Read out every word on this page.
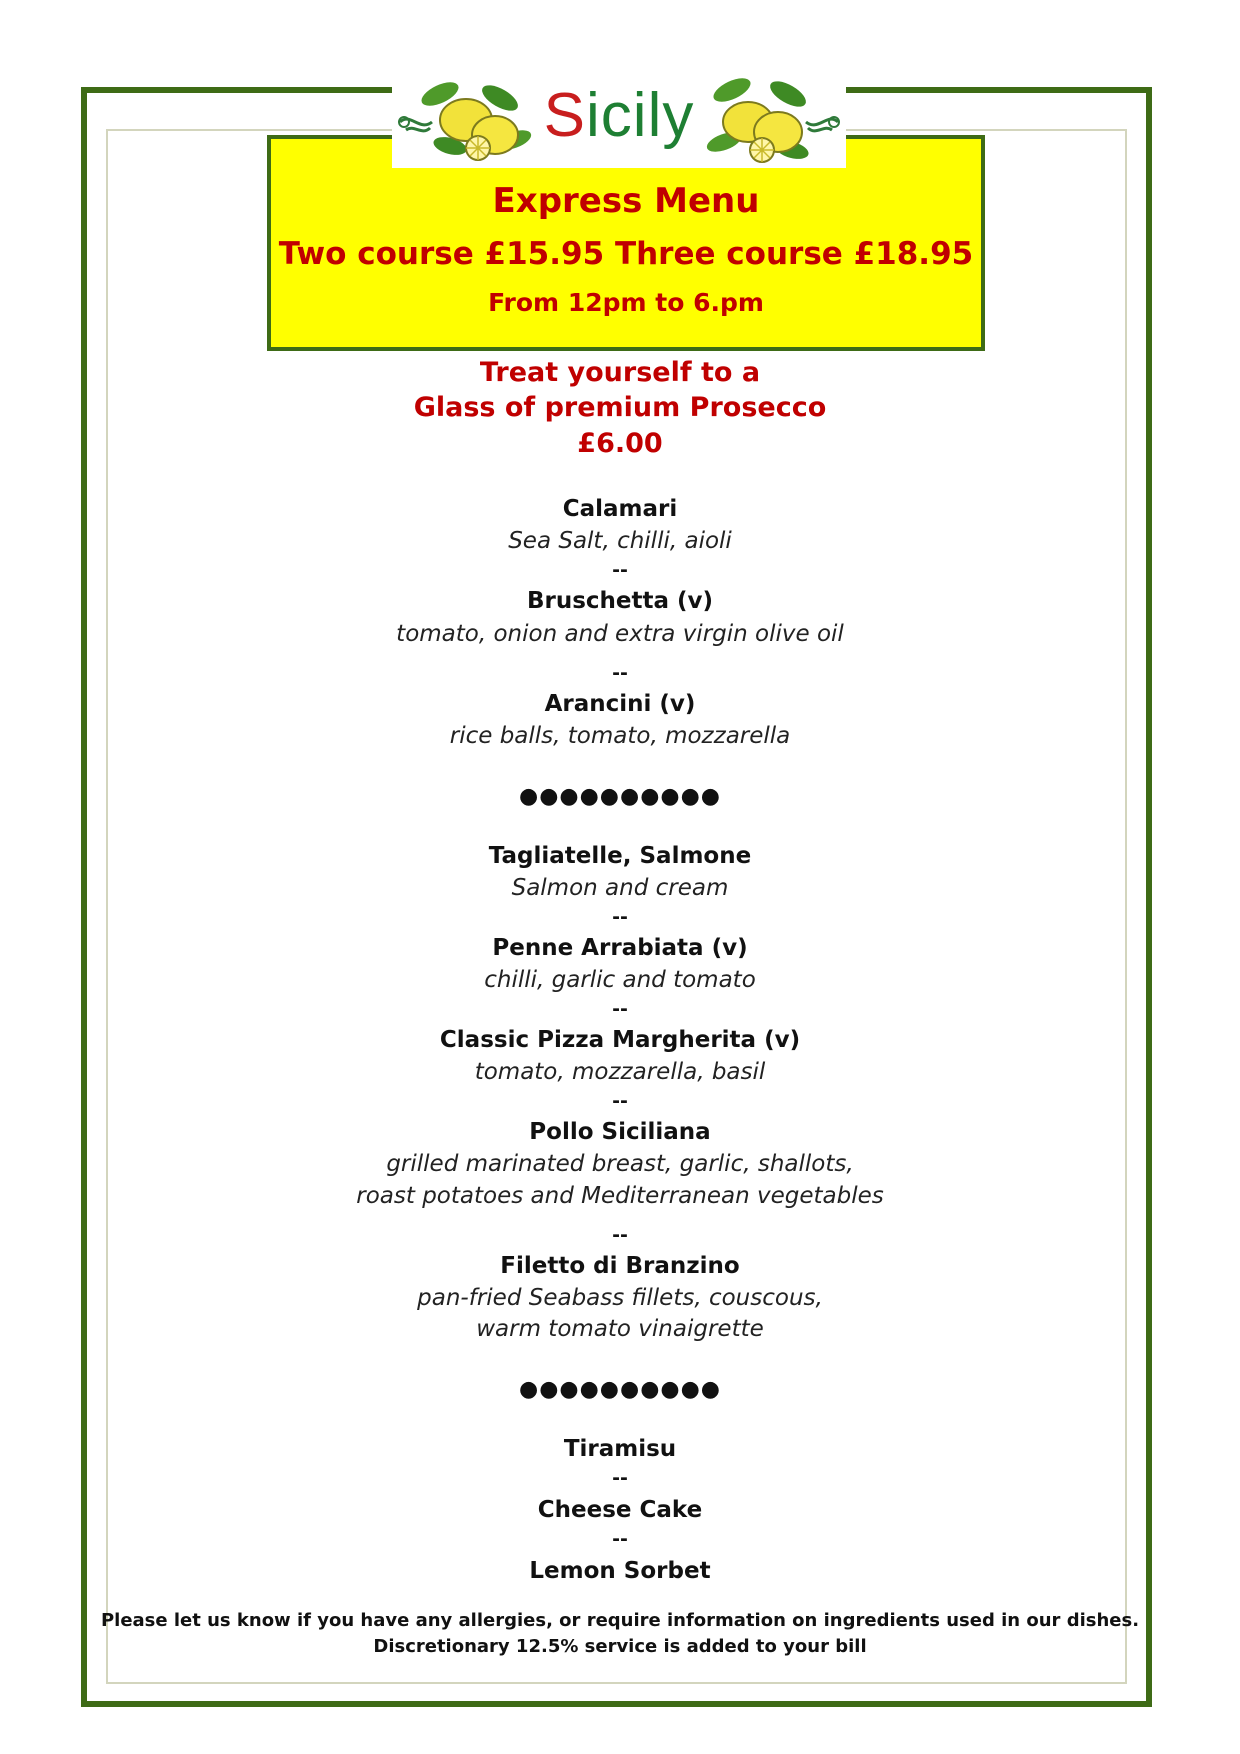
Express Menu
Two course £15.95 Three course £18.95
From 12pm to 6.pm
Sicily
Treat yourself to a
Glass of premium Prosecco
£6.00
Calamari
Sea Salt, chilli, aioli
--
Bruschetta (v)
tomato, onion and extra virgin olive oil
--
Arancini (v)
rice balls, tomato, mozzarella
●●●●●●●●●●
Tagliatelle, Salmone
Salmon and cream
--
Penne Arrabiata (v)
chilli, garlic and tomato
--
Classic Pizza Margherita (v)
tomato, mozzarella, basil
--
Pollo Siciliana
grilled marinated breast, garlic, shallots,
roast potatoes and Mediterranean vegetables
--
Filetto di Branzino
pan-fried Seabass fillets, couscous,
warm tomato vinaigrette
●●●●●●●●●●
Tiramisu
--
Cheese Cake
--
Lemon Sorbet
Please let us know if you have any allergies, or require information on ingredients used in our dishes.
Discretionary 12.5% service is added to your bill
